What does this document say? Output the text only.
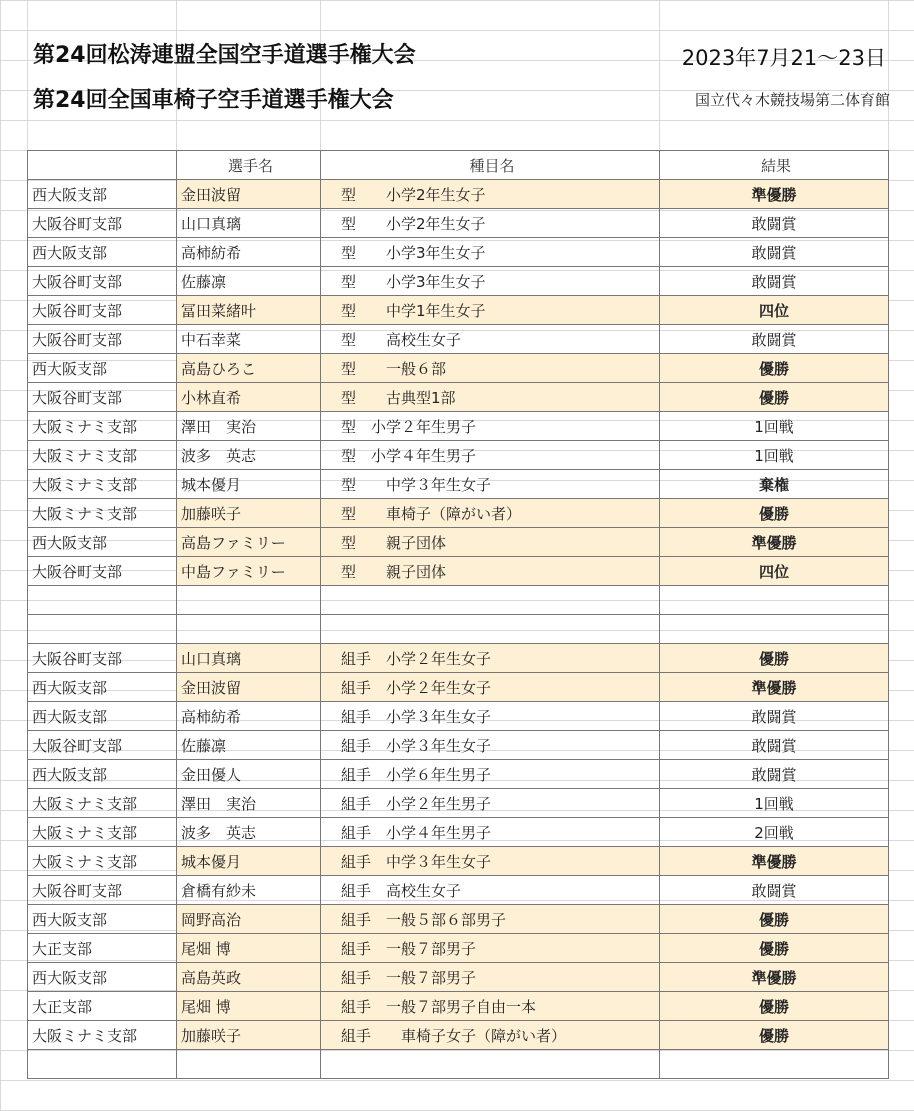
第24回松涛連盟全国空手道選手権大会
第24回全国車椅子空手道選手権大会
2023年7月21～23日
国立代々木競技場第二体育館
	選手名	種目名	結果
西大阪支部	金田波留	型　　小学2年生女子	準優勝
大阪谷町支部	山口真璃	型　　小学2年生女子	敢闘賞
西大阪支部	高柿紡希	型　　小学3年生女子	敢闘賞
大阪谷町支部	佐藤凛	型　　小学3年生女子	敢闘賞
大阪谷町支部	冨田菜緒叶	型　　中学1年生女子	四位
大阪谷町支部	中石幸菜	型　　高校生女子	敢闘賞
西大阪支部	高島ひろこ	型　　一般６部	優勝
大阪谷町支部	小林直希	型　　古典型1部	優勝
大阪ミナミ支部	澤田　実治	型　小学２年生男子	1回戦
大阪ミナミ支部	波多　英志	型　小学４年生男子	1回戦
大阪ミナミ支部	城本優月	型　　中学３年生女子	棄権
大阪ミナミ支部	加藤咲子	型　　車椅子（障がい者）	優勝
西大阪支部	高島ファミリー	型　　親子団体	準優勝
大阪谷町支部	中島ファミリー	型　　親子団体	四位

大阪谷町支部	山口真璃	組手　小学２年生女子	優勝
西大阪支部	金田波留	組手　小学２年生女子	準優勝
西大阪支部	高柿紡希	組手　小学３年生女子	敢闘賞
大阪谷町支部	佐藤凛	組手　小学３年生女子	敢闘賞
西大阪支部	金田優人	組手　小学６年生男子	敢闘賞
大阪ミナミ支部	澤田　実治	組手　小学２年生男子	1回戦
大阪ミナミ支部	波多　英志	組手　小学４年生男子	2回戦
大阪ミナミ支部	城本優月	組手　中学３年生女子	準優勝
大阪谷町支部	倉橋有紗未	組手　高校生女子	敢闘賞
西大阪支部	岡野高治	組手　一般５部６部男子	優勝
大正支部	尾畑 博	組手　一般７部男子	優勝
西大阪支部	高島英政	組手　一般７部男子	準優勝
大正支部	尾畑 博	組手　一般７部男子自由一本	優勝
大阪ミナミ支部	加藤咲子	組手　　車椅子女子（障がい者）	優勝
